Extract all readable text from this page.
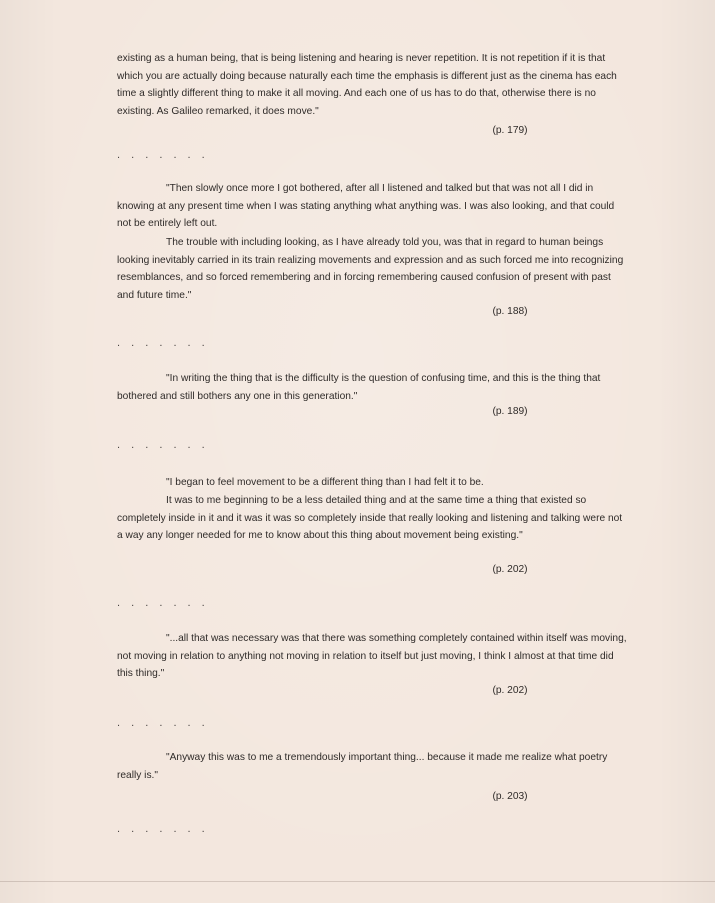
existing as a human being, that is being listening and hearing is never repetition. It is not repetition if it is that which you are actually doing because naturally each time the emphasis is different just as the cinema has each time a slightly different thing to make it all moving. And each one of us has to do that, otherwise there is no existing. As Galileo remarked, it does move."

(p. 179)

. . . . . . .

"Then slowly once more I got bothered, after all I listened and talked but that was not all I did in knowing at any present time when I was stating anything what anything was. I was also looking, and that could not be entirely left out.

The trouble with including looking, as I have already told you, was that in regard to human beings looking inevitably carried in its train realizing movements and expression and as such forced me into recognizing resemblances, and so forced remembering and in forcing remembering caused confusion of present with past and future time."

(p. 188)

. . . . . . .

"In writing the thing that is the difficulty is the question of confusing time, and this is the thing that bothered and still bothers any one in this generation."

(p. 189)

. . . . . . .

"I began to feel movement to be a different thing than I had felt it to be.

It was to me beginning to be a less detailed thing and at the same time a thing that existed so completely inside in it and it was it was so completely inside that really looking and listening and talking were not a way any longer needed for me to know about this thing about movement being existing."

(p. 202)

. . . . . . .

"...all that was necessary was that there was something completely contained within itself was moving, not moving in relation to anything not moving in relation to itself but just moving, I think I almost at that time did this thing."

(p. 202)

. . . . . . .

"Anyway this was to me a tremendously important thing... because it made me realize what poetry really is."

(p. 203)

. . . . . . .
